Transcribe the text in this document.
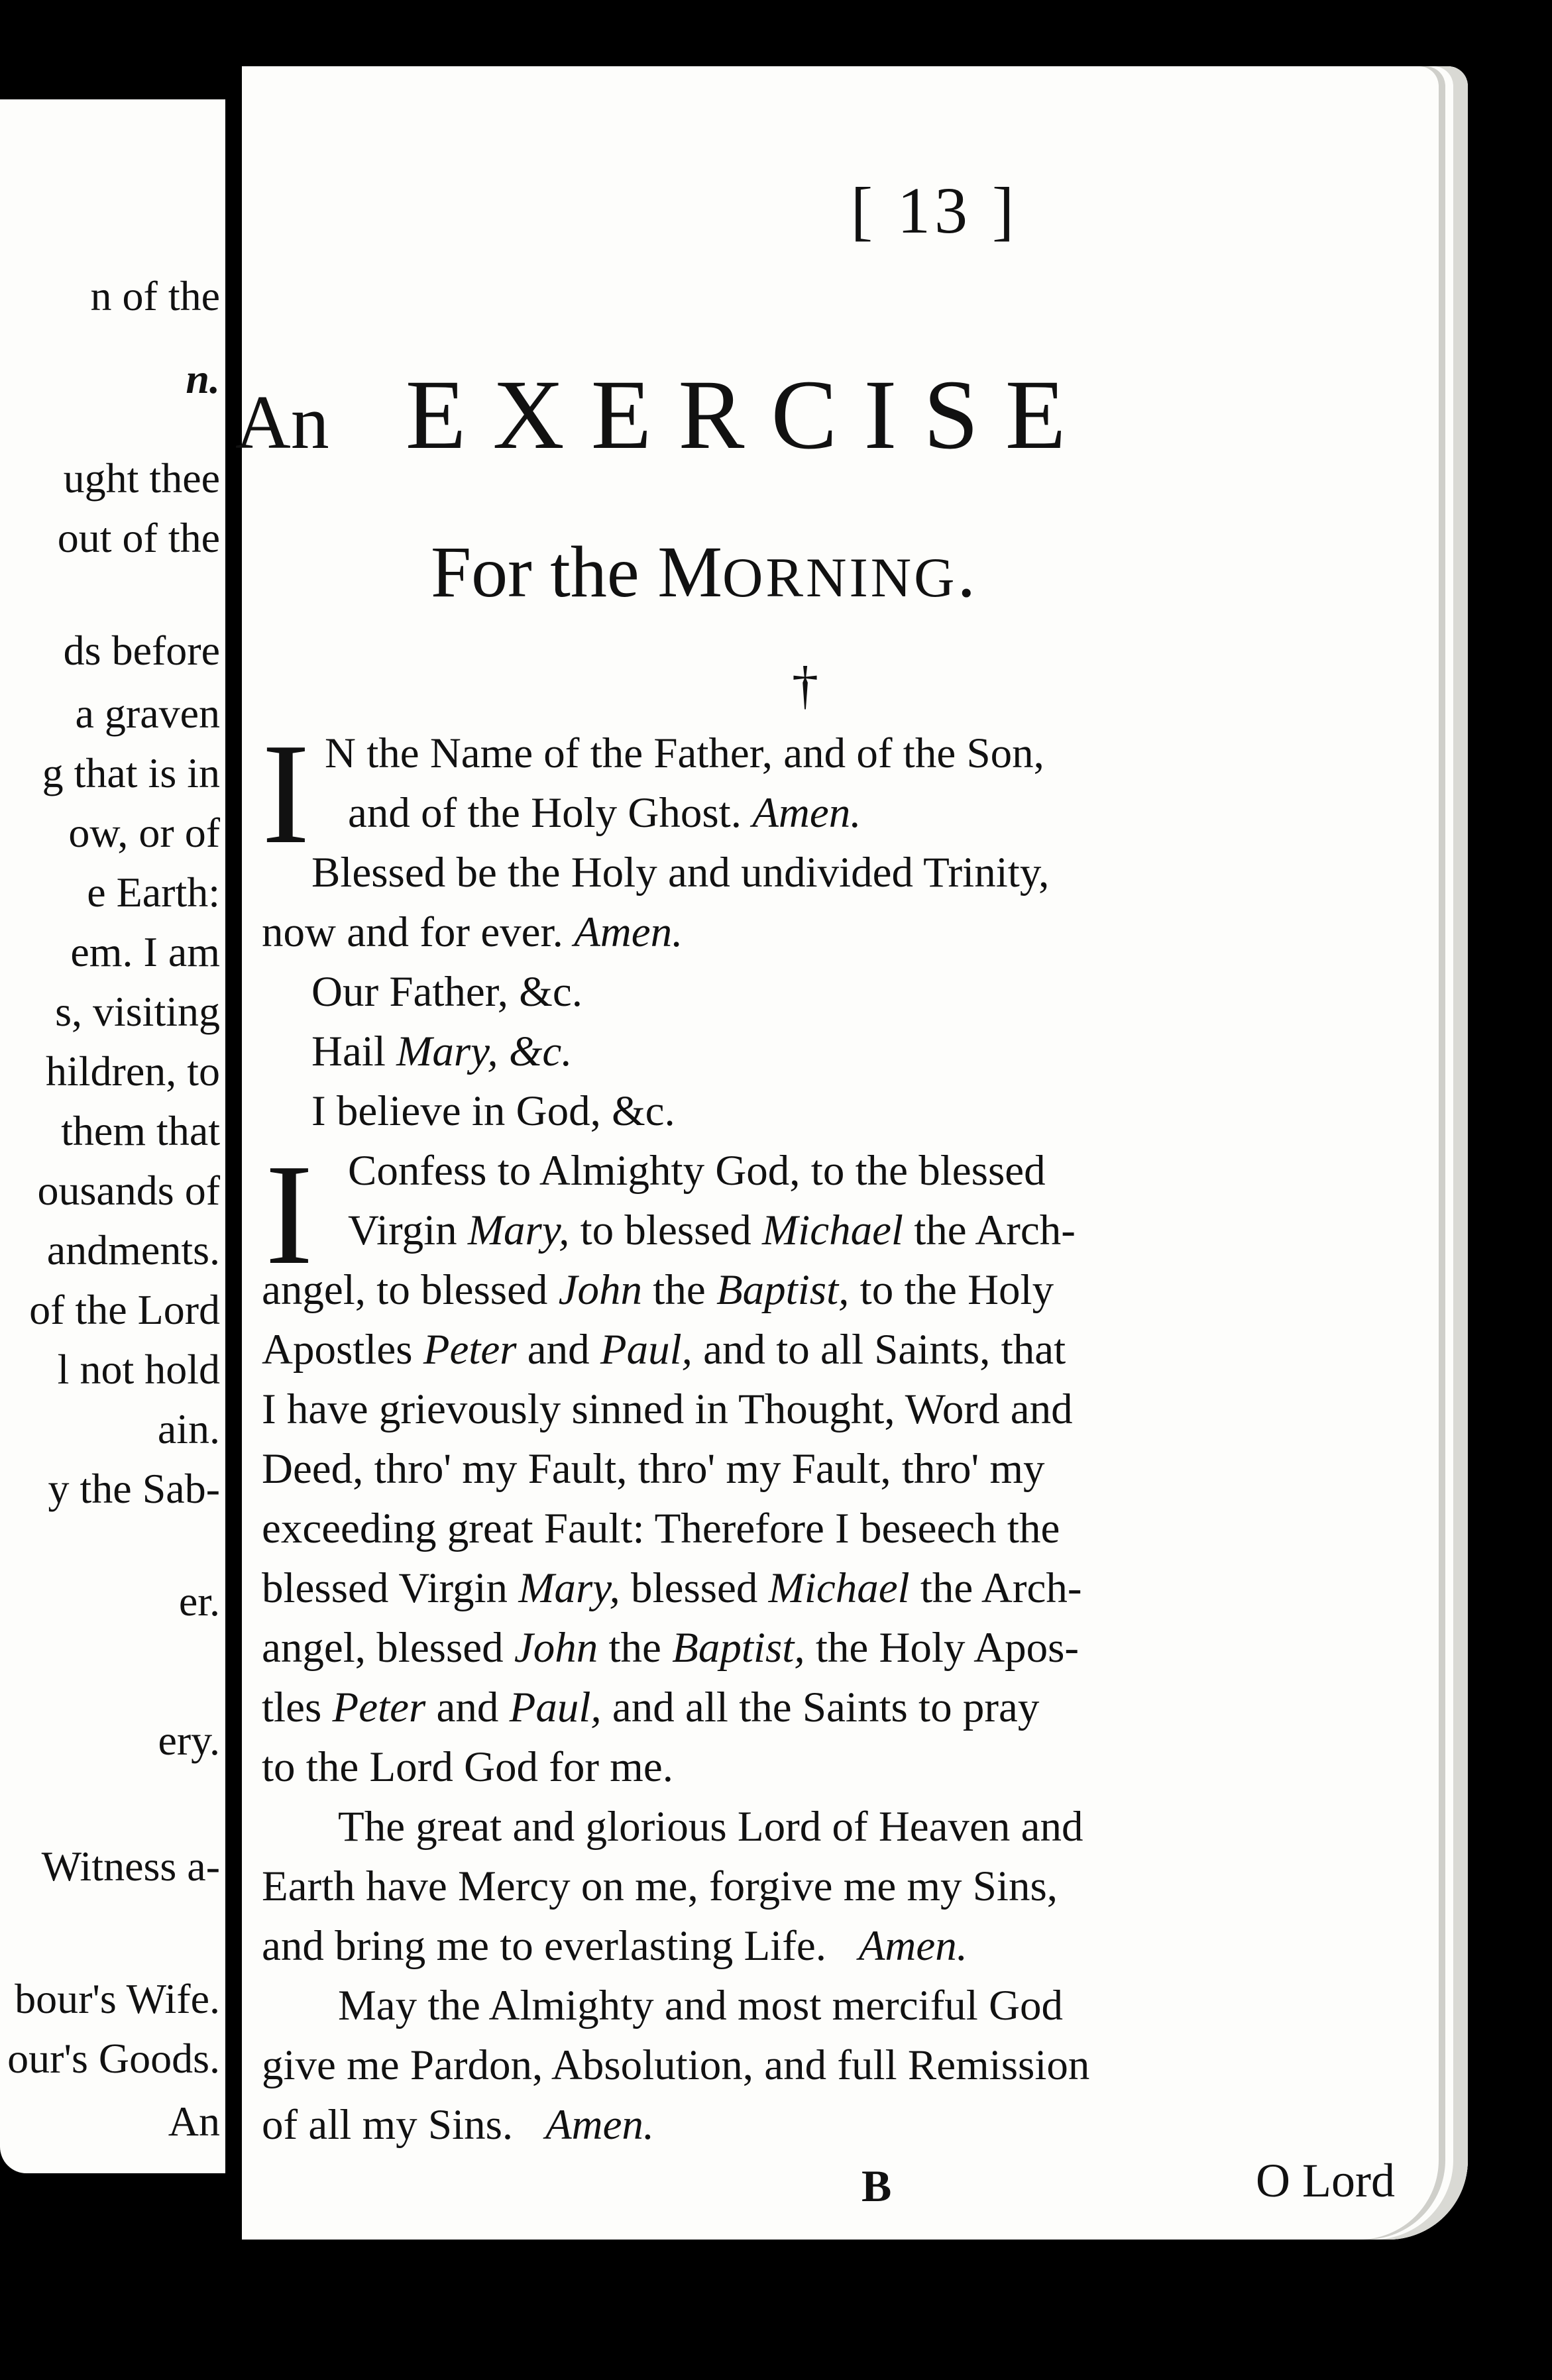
n of the
n.
ught thee
out of the
ds before
a graven
g that is in
ow, or of
e Earth:
em. I am
s, visiting
hildren, to
them that
ousands of
andments.
of the Lord
l not hold
ain.
y the Sab-
er.
ery.
Witness a-
bour's Wife.
our's Goods.
An
[ 13 ]
An EXERCISE
For the MORNING.
†
I N the Name of the Father, and of the Son,
and of the Holy Ghost. Amen.
Blessed be the Holy and undivided Trinity,
now and for ever. Amen.
Our Father, &c.
Hail Mary, &c.
I believe in God, &c.
I Confess to Almighty God, to the blessed
Virgin Mary, to blessed Michael the Arch-
angel, to blessed John the Baptist, to the Holy
Apostles Peter and Paul, and to all Saints, that
I have grievously sinned in Thought, Word and
Deed, thro' my Fault, thro' my Fault, thro' my
exceeding great Fault: Therefore I beseech the
blessed Virgin Mary, blessed Michael the Arch-
angel, blessed John the Baptist, the Holy Apos-
tles Peter and Paul, and all the Saints to pray
to the Lord God for me.
The great and glorious Lord of Heaven and
Earth have Mercy on me, forgive me my Sins,
and bring me to everlasting Life. Amen.
May the Almighty and most merciful God
give me Pardon, Absolution, and full Remission
of all my Sins. Amen.
B	O Lord
